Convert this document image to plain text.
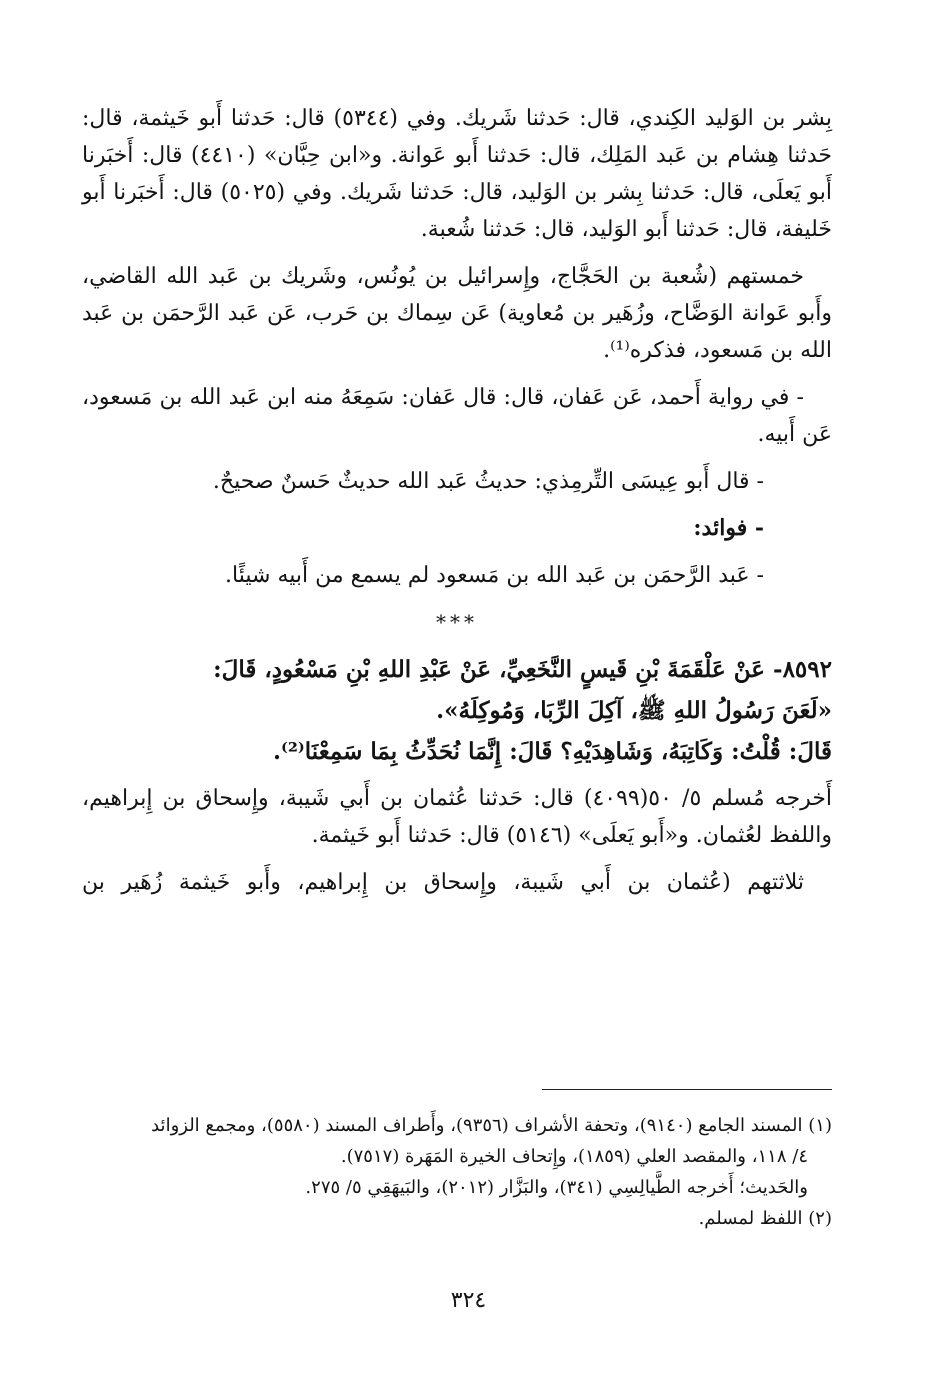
بِشر بن الوَليد الكِندي، قال: حَدثنا شَريك. وفي (٥٣٤٤) قال: حَدثنا أَبو خَيثمة، قال: حَدثنا هِشام بن عَبد المَلِك، قال: حَدثنا أَبو عَوانة. و«ابن حِبَّان» (٤٤١٠) قال: أَخبَرنا أَبو يَعلَى، قال: حَدثنا بِشر بن الوَليد، قال: حَدثنا شَريك. وفي (٥٠٢٥) قال: أَخبَرنا أَبو خَليفة، قال: حَدثنا أَبو الوَليد، قال: حَدثنا شُعبة.

خمستهم (شُعبة بن الحَجَّاج، وإِسرائيل بن يُونُس، وشَريك بن عَبد الله القاضي، وأَبو عَوانة الوَضَّاح، وزُهَير بن مُعاوية) عَن سِماك بن حَرب، عَن عَبد الرَّحمَن بن عَبد الله بن مَسعود، فذكره⁽¹⁾.

- في رواية أَحمد، عَن عَفان، قال: قال عَفان: سَمِعَهُ منه ابن عَبد الله بن مَسعود، عَن أَبيه.

- قال أَبو عِيسَى التِّرمِذي: حديثُ عَبد الله حديثٌ حَسنٌ صحيحٌ.

- فوائد:

- عَبد الرَّحمَن بن عَبد الله بن مَسعود لم يسمع من أَبيه شيئًا.

***

٨٥٩٢- عَنْ عَلْقَمَةَ بْنِ قَيسٍ النَّخَعِيِّ، عَنْ عَبْدِ اللهِ بْنِ مَسْعُودٍ، قَالَ:

«لَعَنَ رَسُولُ اللهِ ﷺ، آكِلَ الرِّبَا، وَمُوكِلَهُ».

قَالَ: قُلْتُ: وَكَاتِبَهُ، وَشَاهِدَيْهِ؟ قَالَ: إِنَّمَا نُحَدِّثُ بِمَا سَمِعْنَا⁽²⁾.

أَخرجه مُسلم ٥/ ٥٠(٤٠٩٩) قال: حَدثنا عُثمان بن أَبي شَيبة، وإِسحاق بن إِبراهيم، واللفظ لعُثمان. و«أَبو يَعلَى» (٥١٤٦) قال: حَدثنا أَبو خَيثمة.

ثلاثتهم (عُثمان بن أَبي شَيبة، وإِسحاق بن إِبراهيم، وأَبو خَيثمة زُهَير بن

(١) المسند الجامع (٩١٤٠)، وتحفة الأشراف (٩٣٥٦)، وأَطراف المسند (٥٥٨٠)، ومجمع الزوائد

٤/ ١١٨، والمقصد العلي (١٨٥٩)، وإِتحاف الخيرة المَهَرة (٧٥١٧).

والحَديث؛ أَخرجه الطَّيالِسِي (٣٤١)، والبَزَّار (٢٠١٢)، والبَيهَقِي ٥/ ٢٧٥.

(٢) اللفظ لمسلم.

٣٢٤
